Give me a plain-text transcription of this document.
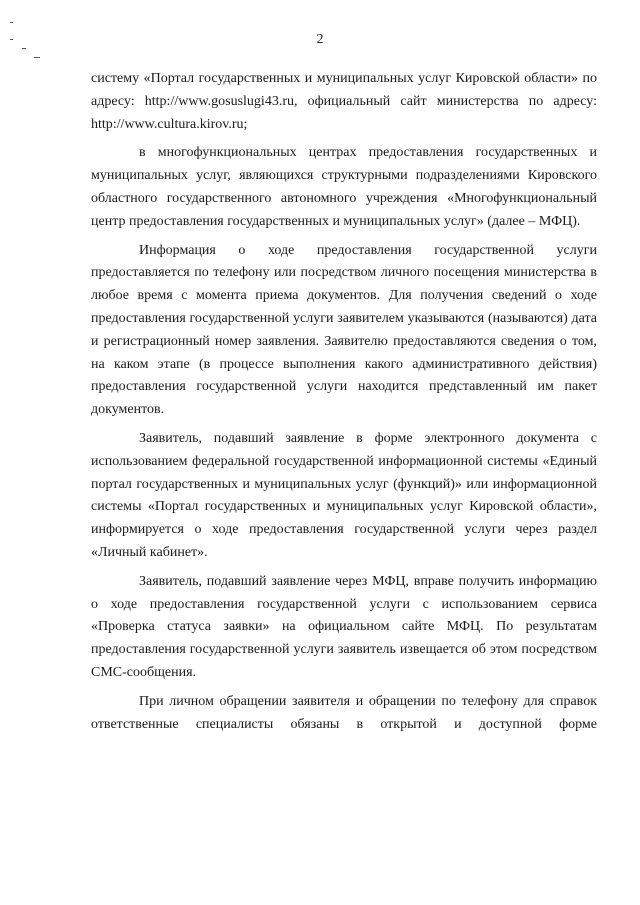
2

систему «Портал государственных и муниципальных услуг Кировской области» по адресу: http://www.gosuslugi43.ru, официальный сайт министерства по адресу: http://www.cultura.kirov.ru;

в многофункциональных центрах предоставления государственных и муниципальных услуг, являющихся структурными подразделениями Кировского областного государственного автономного учреждения «Многофункциональный центр предоставления государственных и муниципальных услуг» (далее – МФЦ).

Информация о ходе предоставления государственной услуги предоставляется по телефону или посредством личного посещения министерства в любое время с момента приема документов. Для получения сведений о ходе предоставления государственной услуги заявителем указываются (называются) дата и регистрационный номер заявления. Заявителю предоставляются сведения о том, на каком этапе (в процессе выполнения какого административного действия) предоставления государственной услуги находится представленный им пакет документов.

Заявитель, подавший заявление в форме электронного документа с использованием федеральной государственной информационной системы «Единый портал государственных и муниципальных услуг (функций)» или информационной системы «Портал государственных и муниципальных услуг Кировской области», информируется о ходе предоставления государственной услуги через раздел «Личный кабинет».

Заявитель, подавший заявление через МФЦ, вправе получить информацию о ходе предоставления государственной услуги с использованием сервиса «Проверка статуса заявки» на официальном сайте МФЦ. По результатам предоставления государственной услуги заявитель извещается об этом посредством СМС-сообщения.

При личном обращении заявителя и обращении по телефону для справок ответственные специалисты обязаны в открытой и доступной форме
